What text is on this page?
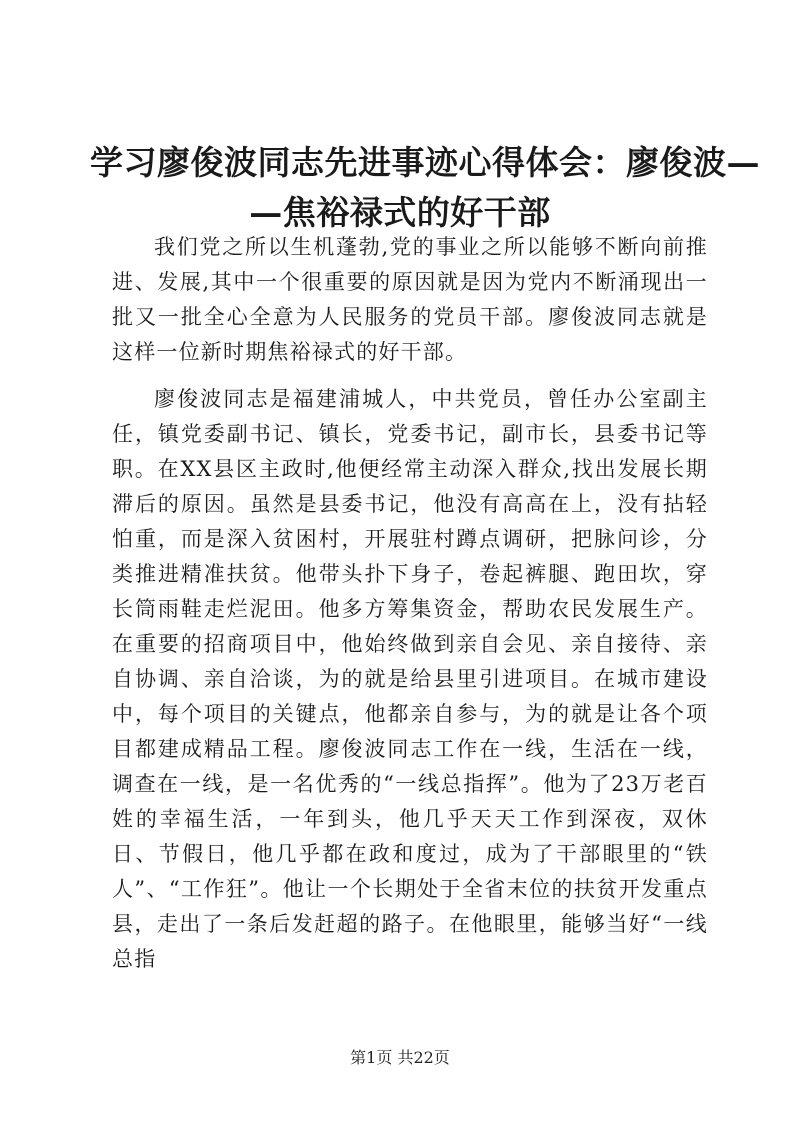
学习廖俊波同志先进事迹心得体会：廖俊波—
—焦裕禄式的好干部

我们党之所以生机蓬勃,党的事业之所以能够不断向前推进、发展,其中一个很重要的原因就是因为党内不断涌现出一批又一批全心全意为人民服务的党员干部。廖俊波同志就是这样一位新时期焦裕禄式的好干部。

廖俊波同志是福建浦城人，中共党员，曾任办公室副主任，镇党委副书记、镇长，党委书记，副市长，县委书记等职。在XX县区主政时,他便经常主动深入群众,找出发展长期滞后的原因。虽然是县委书记，他没有高高在上，没有拈轻怕重，而是深入贫困村，开展驻村蹲点调研，把脉问诊，分类推进精准扶贫。他带头扑下身子，卷起裤腿、跑田坎，穿长筒雨鞋走烂泥田。他多方筹集资金，帮助农民发展生产。在重要的招商项目中，他始终做到亲自会见、亲自接待、亲自协调、亲自洽谈，为的就是给县里引进项目。在城市建设中，每个项目的关键点，他都亲自参与，为的就是让各个项目都建成精品工程。廖俊波同志工作在一线，生活在一线，调查在一线，是一名优秀的“一线总指挥”。他为了23万老百姓的幸福生活，一年到头，他几乎天天工作到深夜，双休日、节假日，他几乎都在政和度过，成为了干部眼里的“铁人”、“工作狂”。他让一个长期处于全省末位的扶贫开发重点县，走出了一条后发赶超的路子。在他眼里，能够当好“一线总指

第1页 共22页
